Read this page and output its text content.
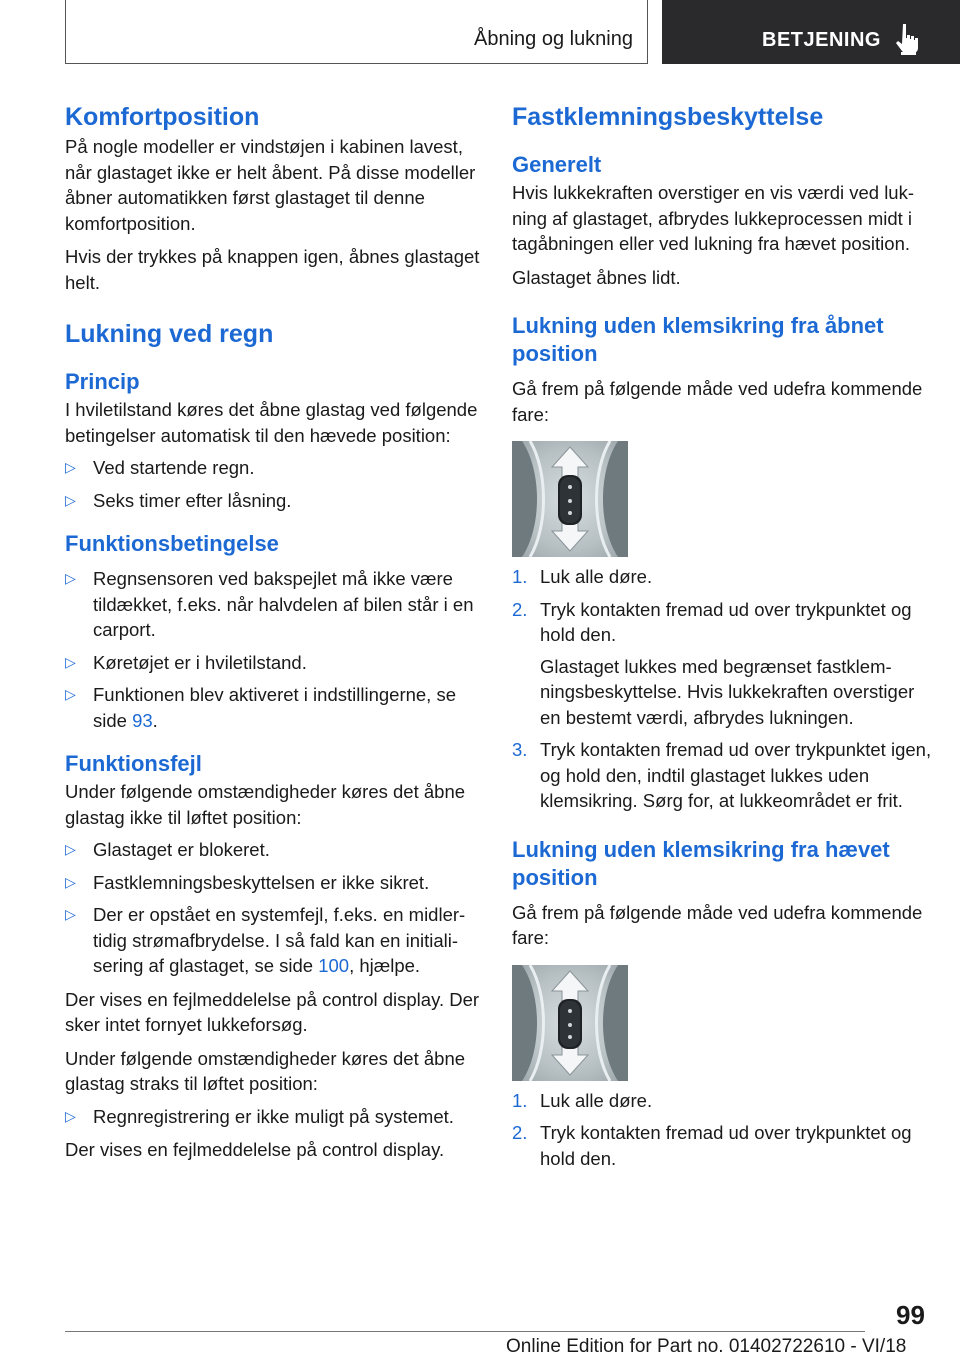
Åbning og lukning	BETJENING
Komfortposition

På nogle modeller er vindstøjen i kabinen lavest, når glastaget ikke er helt åbent. På disse modeller åbner automatikken først glastaget til denne komfortposition.

Hvis der trykkes på knappen igen, åbnes glastaget helt.

Lukning ved regn
Princip

I hviletilstand køres det åbne glastag ved følgende betingelser automatisk til den hævede position:

▷ Ved startende regn.
▷ Seks timer efter låsning.
Funktionsbetingelse
▷ Regnsensoren ved bakspejlet må ikke være tildækket, f.eks. når halvdelen af bilen står i en carport.
▷ Køretøjet er i hviletilstand.
▷ Funktionen blev aktiveret i indstillingerne, se side 93.
Funktionsfejl

Under følgende omstændigheder køres det åbne glastag ikke til løftet position:

▷ Glastaget er blokeret.
▷ Fastklemningsbeskyttelsen er ikke sikret.
▷ Der er opstået en systemfejl, f.eks. en midlertidig strømafbrydelse. I så fald kan en initialisering af glastaget, se side 100, hjælpe.

Der vises en fejlmeddelelse på control display. Der sker intet fornyet lukkeforsøg.

Under følgende omstændigheder køres det åbne glastag straks til løftet position:

▷ Regnregistrering er ikke muligt på systemet.

Der vises en fejlmeddelelse på control display.

Fastklemningsbeskyttelse
Generelt

Hvis lukkekraften overstiger en vis værdi ved lukning af glastaget, afbrydes lukkeprocessen midt i tagåbningen eller ved lukning fra hævet position.

Glastaget åbnes lidt.

Lukning uden klemsikring fra åbnet position

Gå frem på følgende måde ved udefra kommende fare:

1. Luk alle døre.
2. Tryk kontakten fremad ud over trykpunktet og hold den.

Glastaget lukkes med begrænset fastklemningsbeskyttelse. Hvis lukkekraften overstiger en bestemt værdi, afbrydes lukningen.

3. Tryk kontakten fremad ud over trykpunktet igen, og hold den, indtil glastaget lukkes uden klemsikring. Sørg for, at lukkeområdet er frit.
Lukning uden klemsikring fra hævet position

Gå frem på følgende måde ved udefra kommende fare:

1. Luk alle døre.
2. Tryk kontakten fremad ud over trykpunktet og hold den.
99
Online Edition for Part no. 01402722610 - VI/18
